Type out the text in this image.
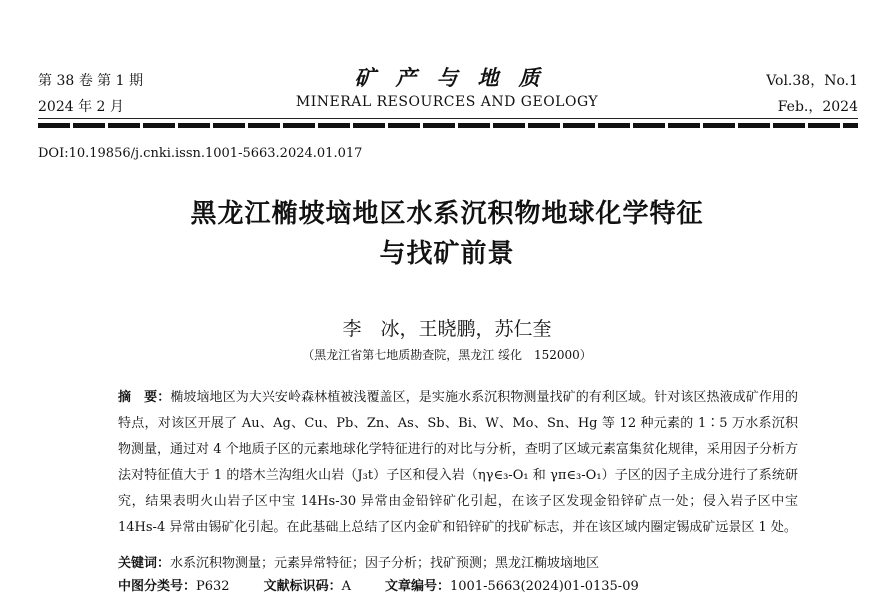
第 38 卷 第 1 期
2024 年 2 月
矿产与地质
MINERAL RESOURCES AND GEOLOGY
Vol.38，No.1
Feb.，2024
DOI:10.19856/j.cnki.issn.1001-5663.2024.01.017
黑龙江椭坡垴地区水系沉积物地球化学特征
与找矿前景
李　冰，王晓鹏，苏仁奎
（黑龙江省第七地质勘查院，黑龙江 绥化　152000）
摘　要：椭坡垴地区为大兴安岭森林植被浅覆盖区，是实施水系沉积物测量找矿的有利区域。针对该区热液成矿作用的特点，对该区开展了 Au、Ag、Cu、Pb、Zn、As、Sb、Bi、W、Mo、Sn、Hg 等 12 种元素的 1∶5 万水系沉积物测量，通过对 4 个地质子区的元素地球化学特征进行的对比与分析，查明了区域元素富集贫化规律，采用因子分析方法对特征值大于 1 的塔木兰沟组火山岩（J₃t）子区和侵入岩（ηγ∈₃-O₁ 和 γπ∈₃-O₁）子区的因子主成分进行了系统研究，结果表明火山岩子区中宝 14Hs-30 异常由金铅锌矿化引起，在该子区发现金铅锌矿点一处；侵入岩子区中宝 14Hs-4 异常由锡矿化引起。在此基础上总结了区内金矿和铅锌矿的找矿标志，并在该区域内圈定锡成矿远景区 1 处。
关键词：水系沉积物测量；元素异常特征；因子分析；找矿预测；黑龙江椭坡垴地区
中图分类号：P632	文献标识码：A	文章编号：1001-5663(2024)01-0135-09
